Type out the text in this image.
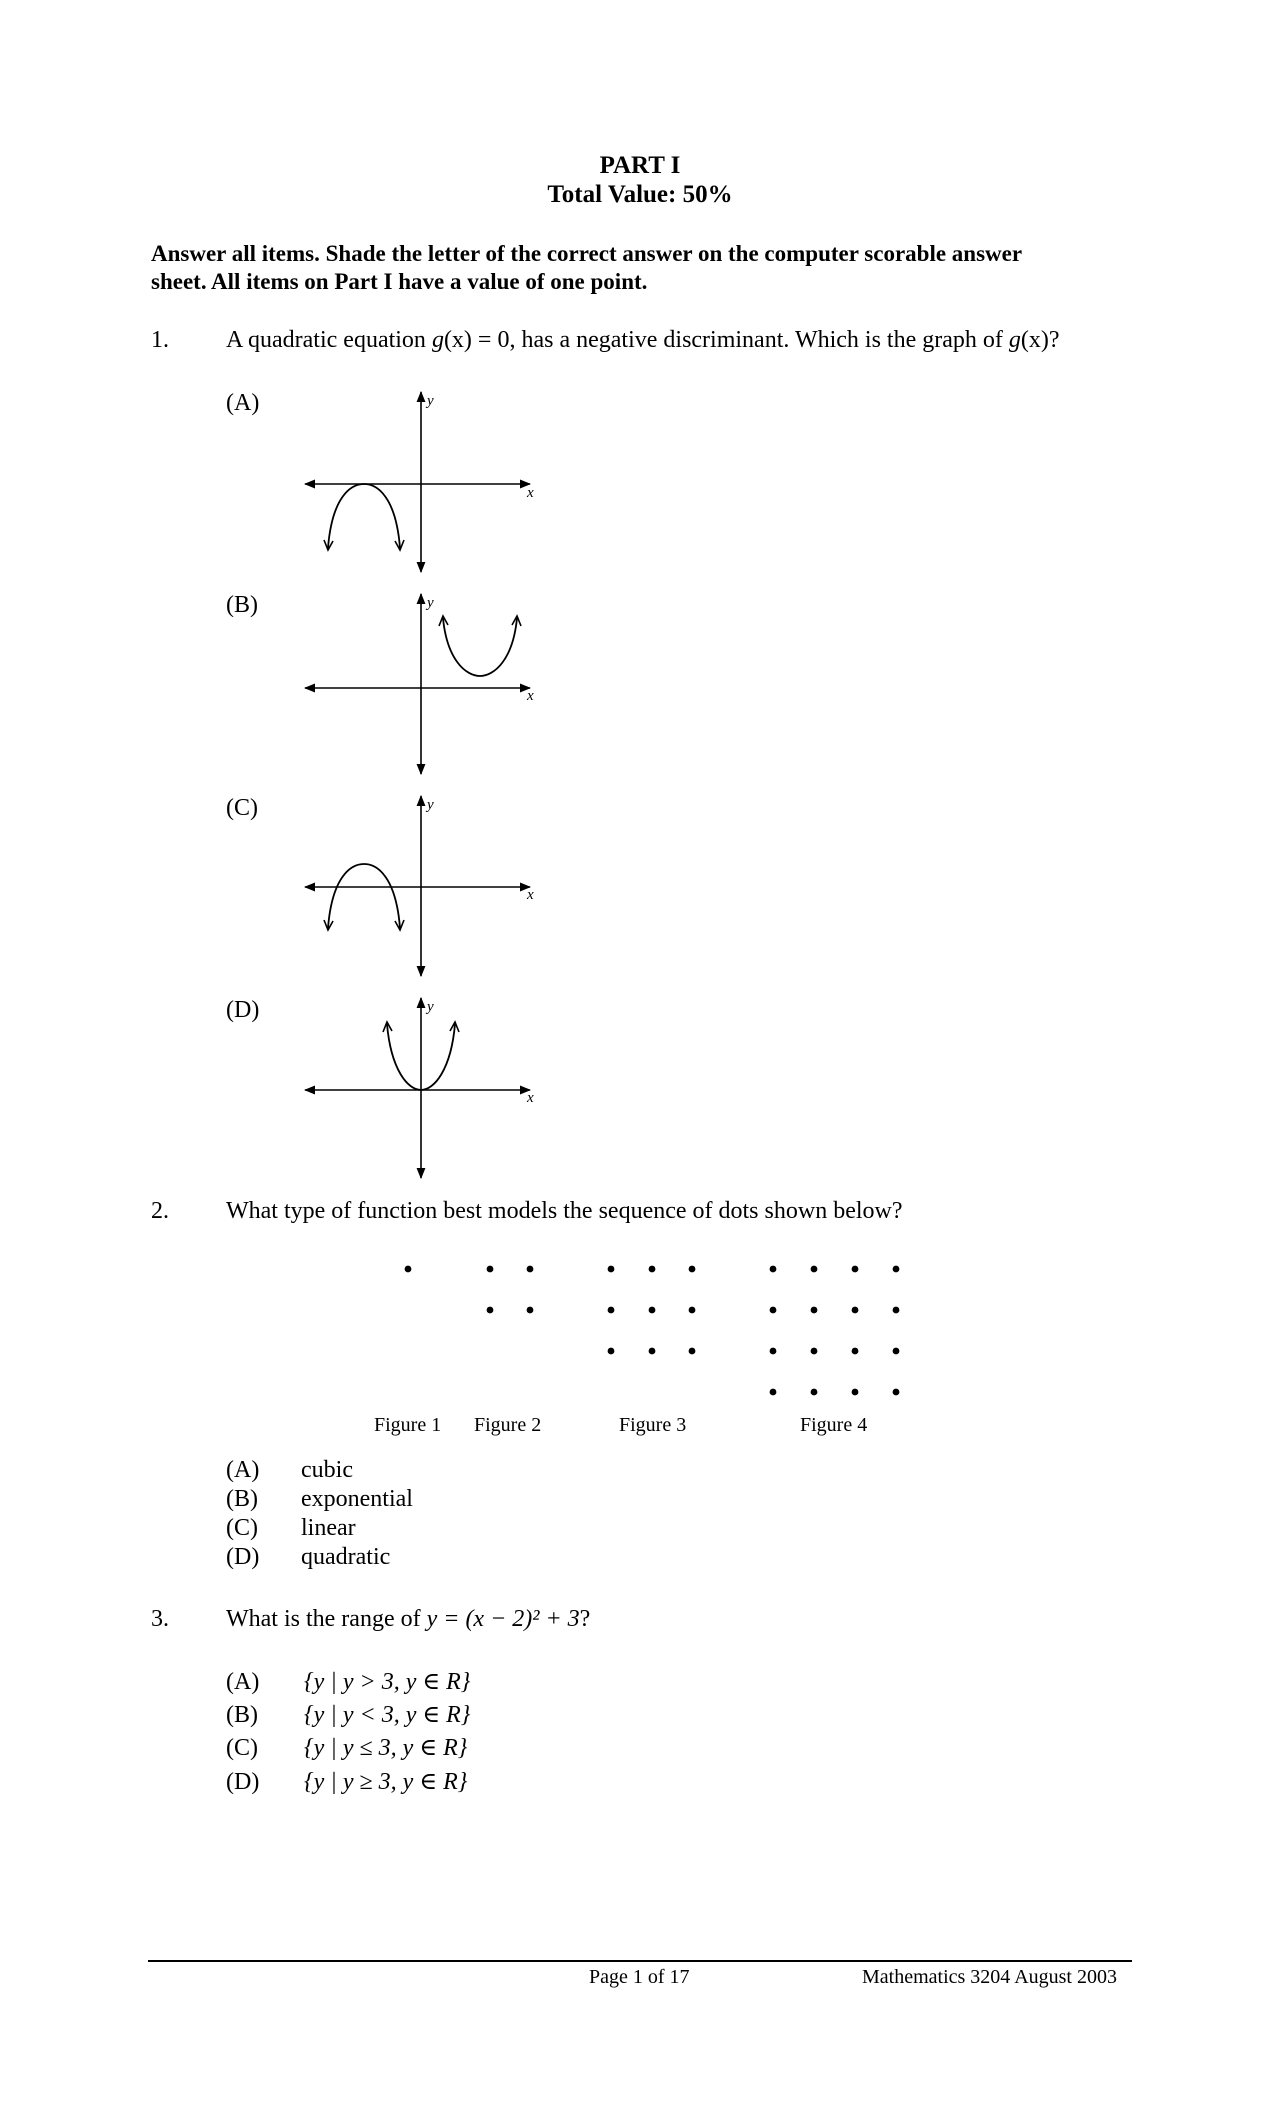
PART I
Total Value: 50%
Answer all items. Shade the letter of the correct answer on the computer scorable answer
sheet. All items on Part I have a value of one point.
1. A quadratic equation g(x) = 0, has a negative discriminant. Which is the graph of g(x)?
(A)
(B)
(C)
(D)
x
y
x
y
x
y
x
y
2. What type of function best models the sequence of dots shown below?
Figure 1 Figure 2	Figure 3	Figure 4
(A) cubic
(B) exponential
(C) linear
(D) quadratic
3. What is the range of y = (x − 2)² + 3?
(A) {y | y > 3, y ∈ R}
(B) {y | y < 3, y ∈ R}
(C) {y | y ≤ 3, y ∈ R}
(D) {y | y ≥ 3, y ∈ R}
Page 1 of 17	Mathematics 3204 August 2003
